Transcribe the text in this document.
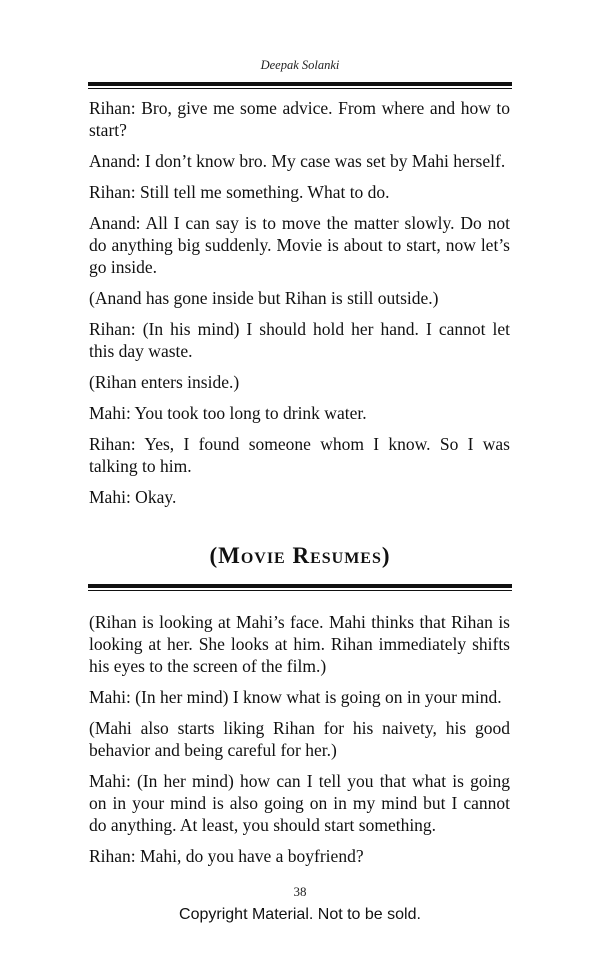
Deepak Solanki

Rihan: Bro, give me some advice. From where and how to start?

Anand: I don’t know bro. My case was set by Mahi herself.

Rihan: Still tell me something. What to do.

Anand: All I can say is to move the matter slowly. Do not do anything big suddenly. Movie is about to start, now let’s go inside.

(Anand has gone inside but Rihan is still outside.)

Rihan: (In his mind) I should hold her hand. I cannot let this day waste.

(Rihan enters inside.)

Mahi: You took too long to drink water.

Rihan: Yes, I found someone whom I know. So I was talking to him.

Mahi: Okay.

(Movie Resumes)

(Rihan is looking at Mahi’s face. Mahi thinks that Rihan is looking at her. She looks at him. Rihan immediately shifts his eyes to the screen of the film.)

Mahi: (In her mind) I know what is going on in your mind.

(Mahi also starts liking Rihan for his naivety, his good behavior and being careful for her.)

Mahi: (In her mind) how can I tell you that what is going on in your mind is also going on in my mind but I cannot do anything. At least, you should start something.

Rihan: Mahi, do you have a boyfriend?

38
Copyright Material. Not to be sold.
